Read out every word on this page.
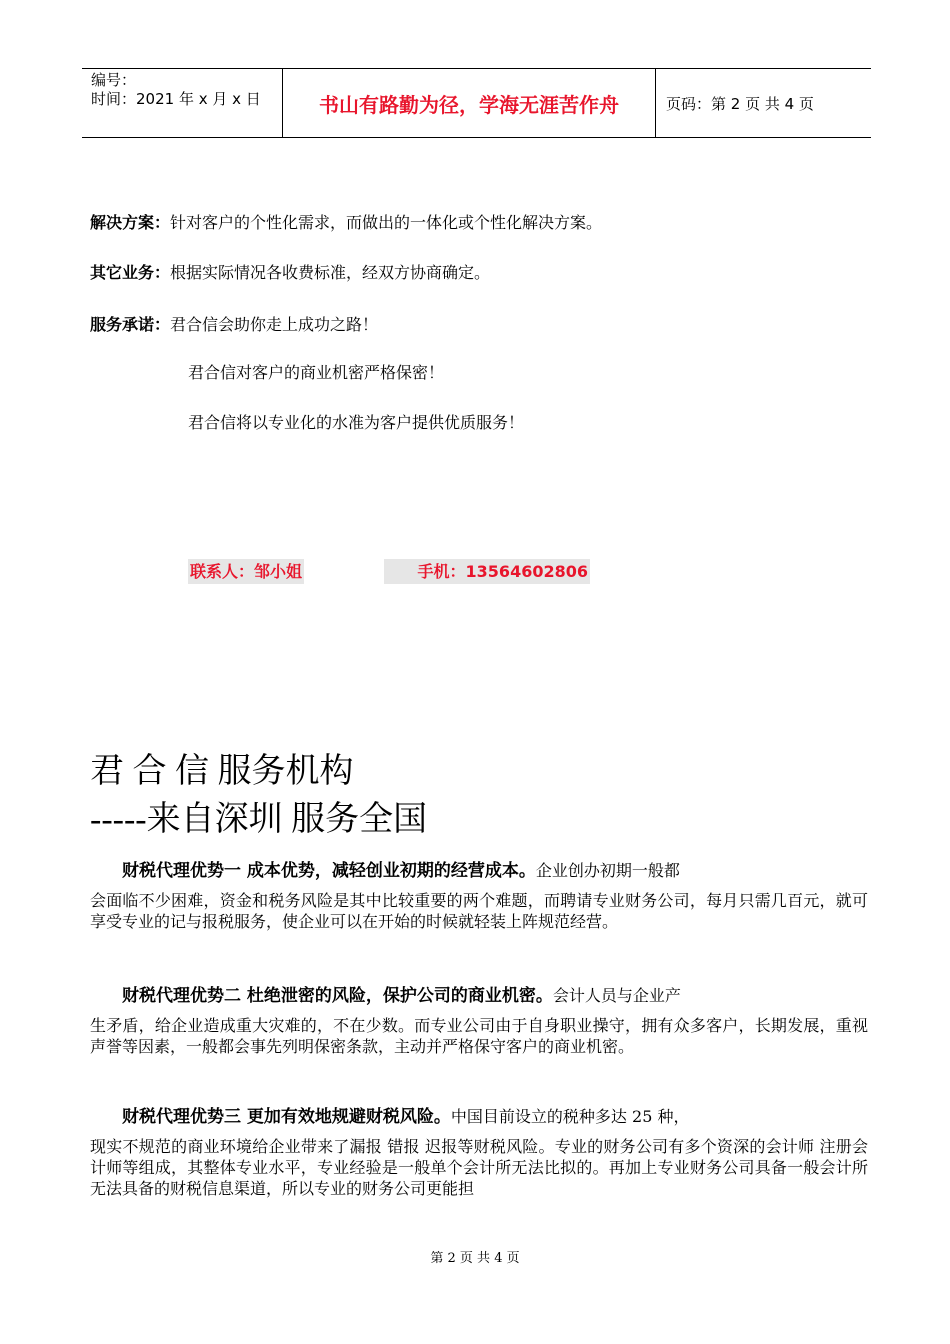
编号：
时间：2021 年 x 月 x 日	书山有路勤为径，学海无涯苦作舟	页码：第 2 页 共 4 页
解决方案：针对客户的个性化需求，而做出的一体化或个性化解决方案。
其它业务：根据实际情况各收费标准，经双方协商确定。
服务承诺：君合信会助你走上成功之路！
君合信对客户的商业机密严格保密！
君合信将以专业化的水准为客户提供优质服务！
联系人：邹小姐	手机：13564602806
君 合 信 服务机构
-----来自深圳 服务全国
财税代理优势一 成本优势，减轻创业初期的经营成本。企业创办初期一般都
会面临不少困难，资金和税务风险是其中比较重要的两个难题，而聘请专业财务公司，每月只需几百元，就可享受专业的记与报税服务，使企业可以在开始的时候就轻装上阵规范经营。
财税代理优势二 杜绝泄密的风险，保护公司的商业机密。会计人员与企业产
生矛盾，给企业造成重大灾难的，不在少数。而专业公司由于自身职业操守，拥有众多客户，长期发展，重视声誉等因素，一般都会事先列明保密条款，主动并严格保守客户的商业机密。
财税代理优势三 更加有效地规避财税风险。中国目前设立的税种多达 25 种，
现实不规范的商业环境给企业带来了漏报 错报 迟报等财税风险。专业的财务公司有多个资深的会计师 注册会计师等组成，其整体专业水平，专业经验是一般单个会计所无法比拟的。再加上专业财务公司具备一般会计所无法具备的财税信息渠道，所以专业的财务公司更能担
第 2 页 共 4 页
